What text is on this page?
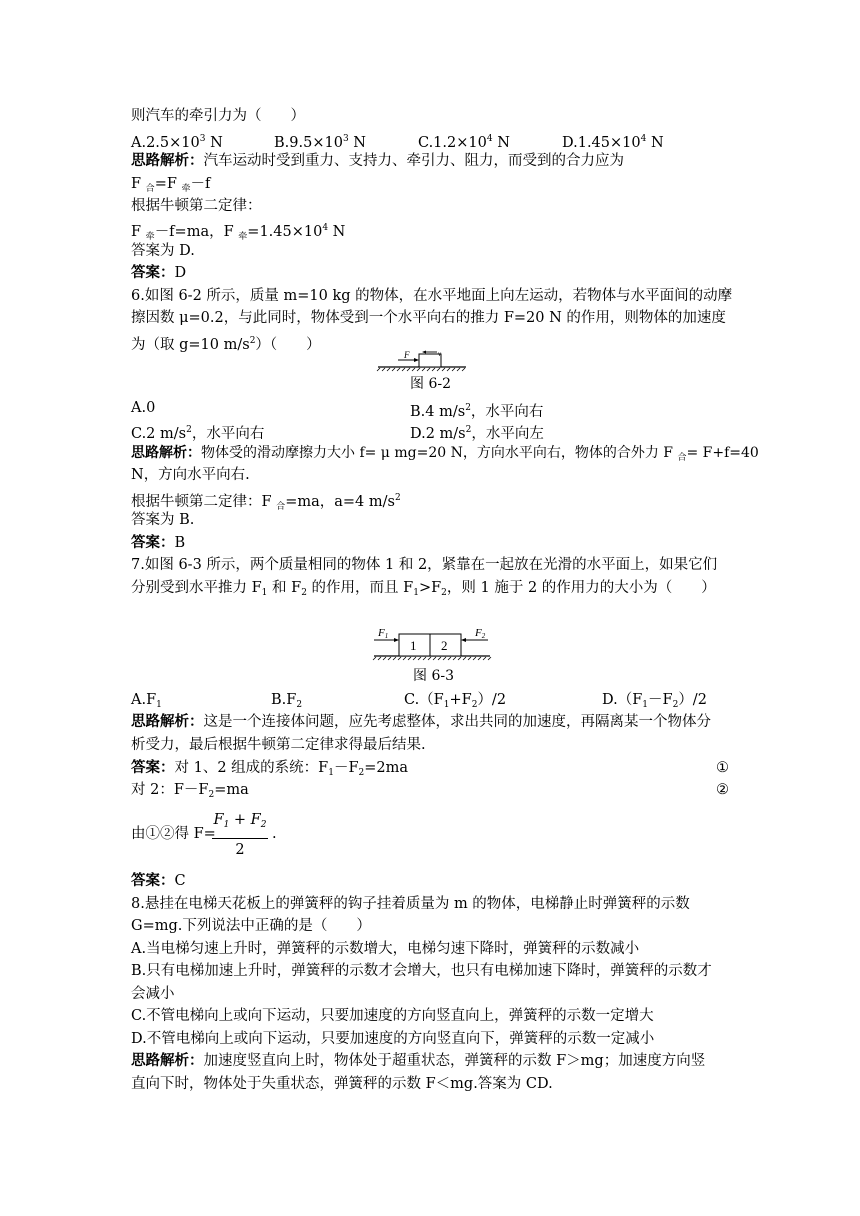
则汽车的牵引力为（　　）
$A.2.5\times 10^3$ N	$B.9.5\times 10^3$ N	$C.1.2\times 10^4$ N	$D.1.45\times 10^4$ N
思路解析：汽车运动时受到重力、支持力、牵引力、阻力，而受到的合力应为
F $_合$=F $_牵$－f
根据牛顿第二定律：
F $_牵$－f=ma，F $_牵=1.45\times 10^4$ N
答案为 D.
答案：D
6.如图 6-2 所示，质量 m=10 kg 的物体，在水平地面上向左运动，若物体与水平面间的动摩
擦因数 μ=0.2，与此同时，物体受到一个水平向右的推力 F=20 N 的作用，则物体的加速度
为（取 g=10 $m/s^2$）（　　）
F	v
图 6-2
A.0	B.4 $m/s^2$，水平向右
C.2 $m/s^2$，水平向右	D.2 $m/s^2$，水平向左
思路解析：物体受的滑动摩擦力大小 f= μ mg=20 N，方向水平向右，物体的合外力 F $_合$= F+f=40
N，方向水平向右.
根据牛顿第二定律：F $_合$=ma，a=4 $m/s^2$
答案为 B.
答案：B
7.如图 6-3 所示，两个质量相同的物体 1 和 2，紧靠在一起放在光滑的水平面上，如果它们
分别受到水平推力 $F_1$ 和 $F_2$ 的作用，而且 $F_1>F_2$，则 1 施于 2 的作用力的大小为（　　）
1 2
F1	F2
图 6-3
$A.F_1$	$B.F_2$	$C.(F_1+F_2)/2$	$D.(F_1-F_2)/2$
思路解析：这是一个连接体问题，应先考虑整体，求出共同的加速度，再隔离某一个物体分
析受力，最后根据牛顿第二定律求得最后结果.
答案：对 1、2 组成的系统：$F_1-F_2=2ma$	①
对 2：$F-F_2=ma$	②
由①②得 F=
$F_1 + F_2$
2
.
答案：C
8.悬挂在电梯天花板上的弹簧秤的钩子挂着质量为 m 的物体，电梯静止时弹簧秤的示数
G=mg.下列说法中正确的是（　　）
A.当电梯匀速上升时，弹簧秤的示数增大，电梯匀速下降时，弹簧秤的示数减小
B.只有电梯加速上升时，弹簧秤的示数才会增大，也只有电梯加速下降时，弹簧秤的示数才
会减小
C.不管电梯向上或向下运动，只要加速度的方向竖直向上，弹簧秤的示数一定增大
D.不管电梯向上或向下运动，只要加速度的方向竖直向下，弹簧秤的示数一定减小
思路解析：加速度竖直向上时，物体处于超重状态，弹簧秤的示数 F＞mg；加速度方向竖
直向下时，物体处于失重状态，弹簧秤的示数 F＜mg.答案为 CD.
